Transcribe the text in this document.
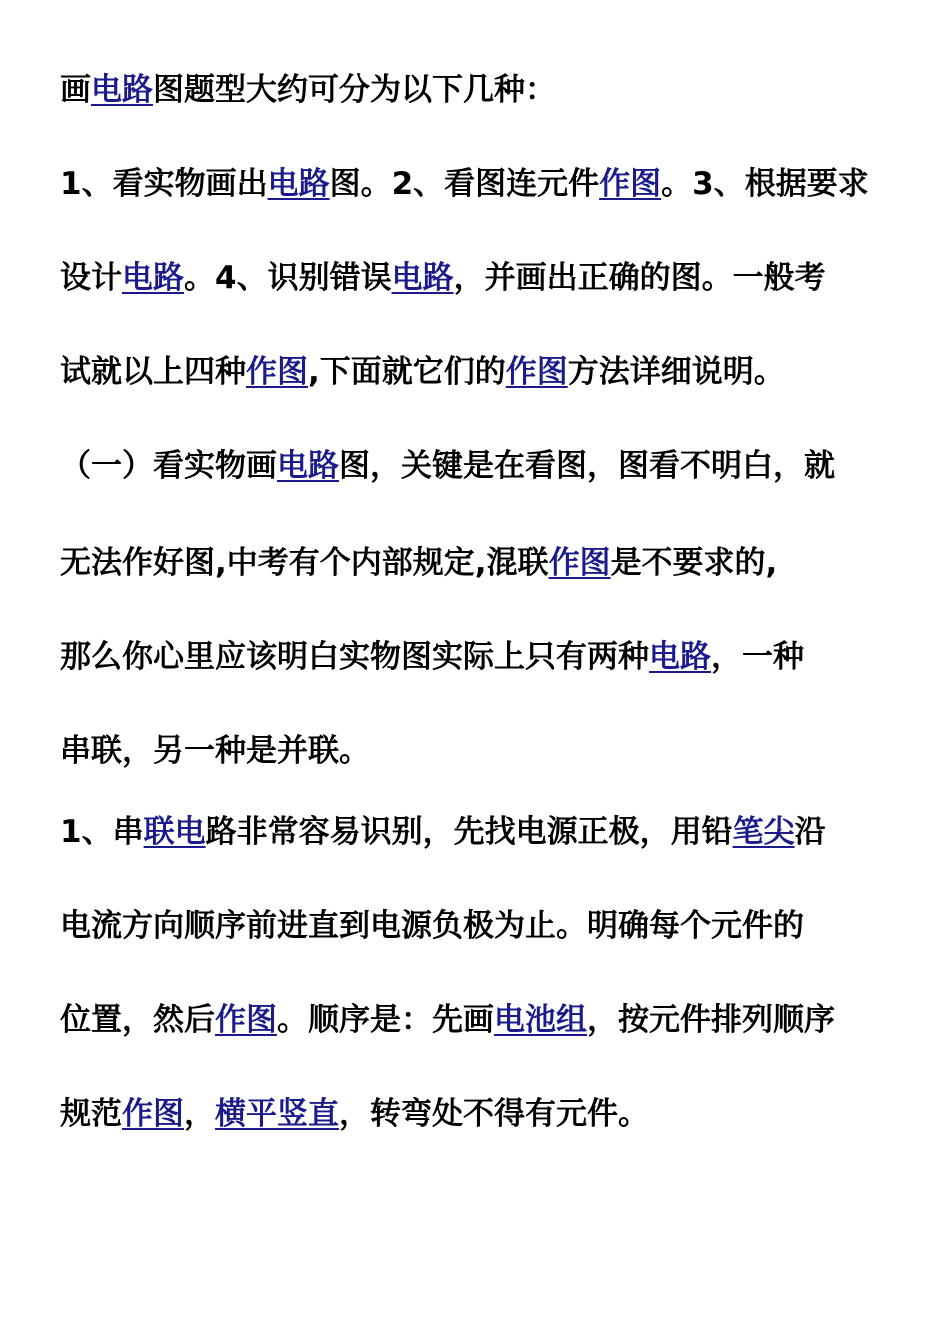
画电路图题型大约可分为以下几种：
1、看实物画出电路图。2、看图连元件作图。3、根据要求
设计电路。4、识别错误电路，并画出正确的图。一般考
试就以上四种作图,下面就它们的作图方法详细说明。
（一）看实物画电路图，关键是在看图，图看不明白，就
无法作好图,中考有个内部规定,混联作图是不要求的,
那么你心里应该明白实物图实际上只有两种电路，一种
串联，另一种是并联。
1、串联电路非常容易识别，先找电源正极，用铅笔尖沿
电流方向顺序前进直到电源负极为止。明确每个元件的
位置，然后作图。顺序是：先画电池组，按元件排列顺序
规范作图，横平竖直，转弯处不得有元件。
